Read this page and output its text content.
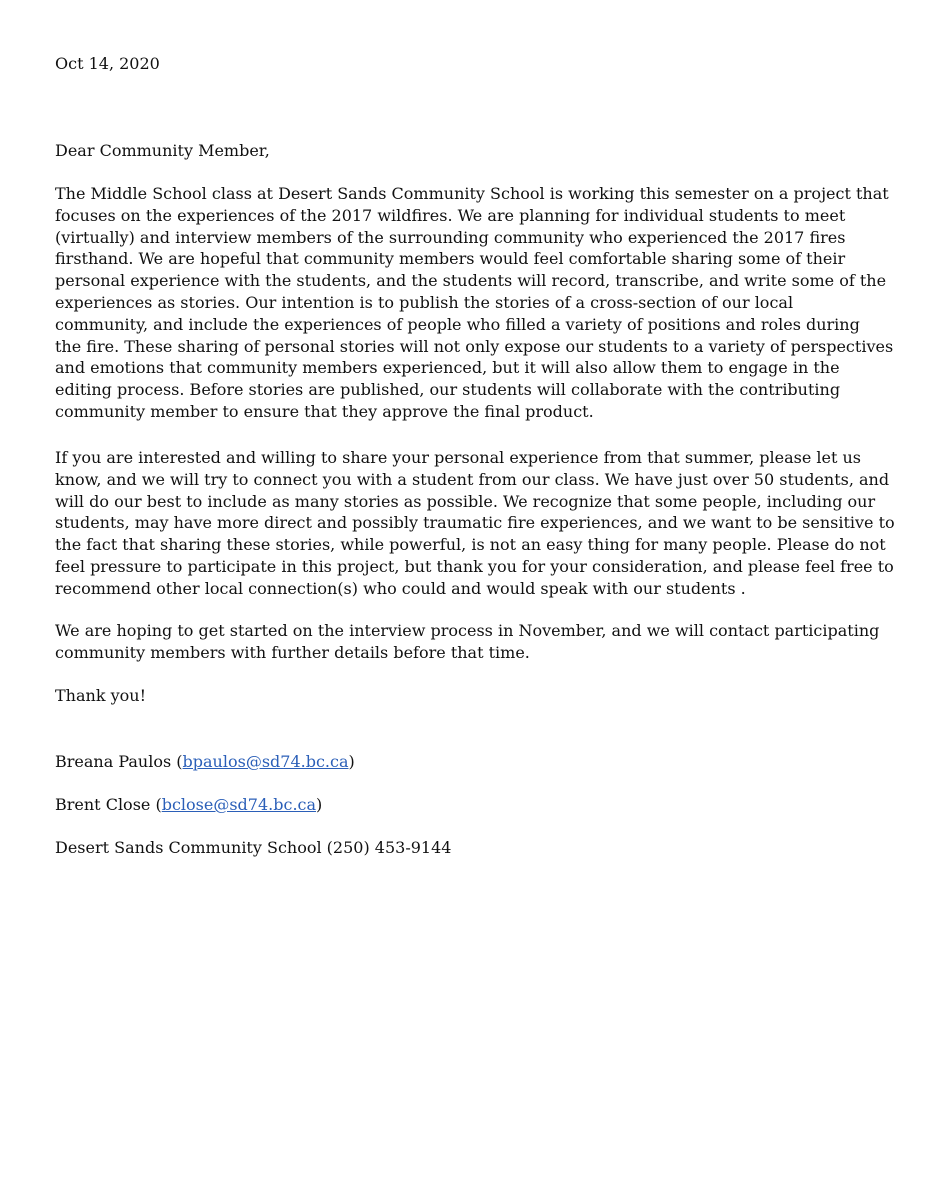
Oct 14, 2020

Dear Community Member,

The Middle School class at Desert Sands Community School is working this semester on a project that
focuses on the experiences of the 2017 wildfires. We are planning for individual students to meet
(virtually) and interview members of the surrounding community who experienced the 2017 fires
firsthand. We are hopeful that community members would feel comfortable sharing some of their
personal experience with the students, and the students will record, transcribe, and write some of the
experiences as stories. Our intention is to publish the stories of a cross-section of our local
community, and include the experiences of people who filled a variety of positions and roles during
the fire. These sharing of personal stories will not only expose our students to a variety of perspectives
and emotions that community members experienced, but it will also allow them to engage in the
editing process. Before stories are published, our students will collaborate with the contributing
community member to ensure that they approve the final product.
If you are interested and willing to share your personal experience from that summer, please let us
know, and we will try to connect you with a student from our class. We have just over 50 students, and
will do our best to include as many stories as possible. We recognize that some people, including our
students, may have more direct and possibly traumatic fire experiences, and we want to be sensitive to
the fact that sharing these stories, while powerful, is not an easy thing for many people. Please do not
feel pressure to participate in this project, but thank you for your consideration, and please feel free to
recommend other local connection(s) who could and would speak with our students .
We are hoping to get started on the interview process in November, and we will contact participating
community members with further details before that time.

Thank you!

Breana Paulos (bpaulos@sd74.bc.ca)

Brent Close (bclose@sd74.bc.ca)

Desert Sands Community School (250) 453-9144
